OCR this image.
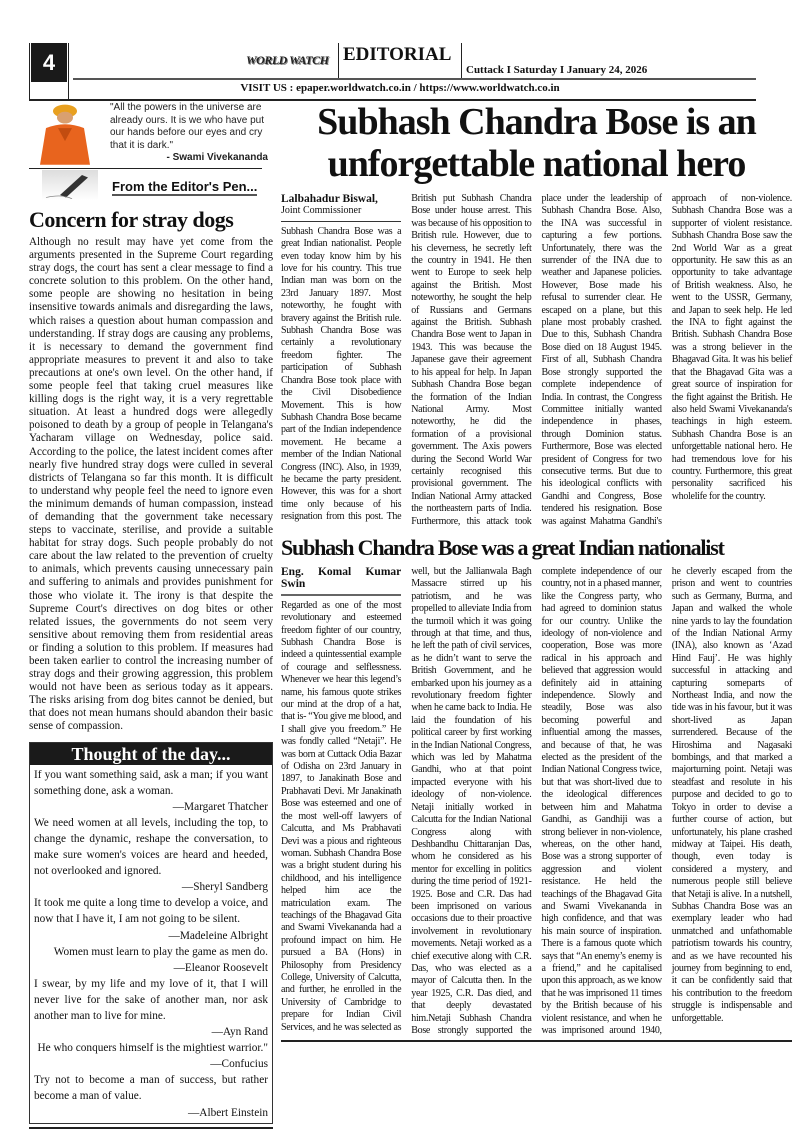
4	WORLD WATCH EDITORIAL
Cuttack I Saturday I January 24, 2026
VISIT US : epaper.worldwatch.co.in / https://www.worldwatch.co.in
"All the powers in the universe are already ours. It is we who have put our hands before our eyes and cry that it is dark."
- Swami Vivekananda
From the Editor's Pen...
Concern for stray dogs
Although no result may have yet come from the arguments presented in the Supreme Court regarding stray dogs, the court has sent a clear message to find a concrete solution to this problem. On the other hand, some people are showing no hesitation in being insensitive towards animals and disregarding the laws, which raises a question about human compassion and understanding. If stray dogs are causing any problems, it is necessary to demand the government find appropriate measures to prevent it and also to take precautions at one's own level. On the other hand, if some people feel that taking cruel measures like killing dogs is the right way, it is a very regrettable situation. At least a hundred dogs were allegedly poisoned to death by a group of people in Telangana's Yacharam village on Wednesday, police said. According to the police, the latest incident comes after nearly five hundred stray dogs were culled in several districts of Telangana so far this month. It is difficult to understand why people feel the need to ignore even the minimum demands of human compassion, instead of demanding that the government take necessary steps to vaccinate, sterilise, and provide a suitable habitat for stray dogs. Such people probably do not care about the law related to the prevention of cruelty to animals, which prevents causing unnecessary pain and suffering to animals and provides punishment for those who violate it. The irony is that despite the Supreme Court's directives on dog bites or other related issues, the governments do not seem very sensitive about removing them from residential areas or finding a solution to this problem. If measures had been taken earlier to control the increasing number of stray dogs and their growing aggression, this problem would not have been as serious today as it appears. The risks arising from dog bites cannot be denied, but that does not mean humans should abandon their basic sense of compassion.
Thought of the day...

If you want something said, ask a man; if you want something done, ask a woman.

—Margaret Thatcher

We need women at all levels, including the top, to change the dynamic, reshape the conversation, to make sure women's voices are heard and heeded, not overlooked and ignored.

—Sheryl Sandberg

It took me quite a long time to develop a voice, and now that I have it, I am not going to be silent.

—Madeleine Albright

Women must learn to play the game as men do.

—Eleanor Roosevelt

I swear, by my life and my love of it, that I will never live for the sake of another man, nor ask another man to live for mine.

—Ayn Rand

He who conquers himself is the mightiest warrior."

—Confucius

Try not to become a man of success, but rather become a man of value.

—Albert Einstein

Subhash Chandra Bose is an unforgettable national hero
Lalbahadur Biswal,
Joint Commissioner

Subhash Chandra Bose was a great Indian nationalist. People even today know him by his love for his country. This true Indian man was born on the 23rd January 1897. Most noteworthy, he fought with bravery against the British rule. Subhash Chandra Bose was certainly a revolutionary freedom fighter. The participation of Subhash Chandra Bose took place with the Civil Disobedience Movement. This is how Subhash Chandra Bose became part of the Indian independence movement. He became a member of the Indian National Congress (INC). Also, in 1939, he became the party president. However, this was for a short time only because of his resignation from this post. The British put Subhash Chandra Bose under house arrest. This was because of his opposition to British rule. However, due to his cleverness, he secretly left the country in 1941. He then went to Europe to seek help against the British. Most noteworthy, he sought the help of Russians and Germans against the British. Subhash Chandra Bose went to Japan in 1943. This was because the Japanese gave their agreement to his appeal for help. In Japan Subhash Chandra Bose began the formation of the Indian National Army. Most noteworthy, he did the formation of a provisional government. The Axis powers during the Second World War certainly recognised this provisional government. The Indian National Army attacked the northeastern parts of India. Furthermore, this attack took place under the leadership of Subhash Chandra Bose. Also, the INA was successful in capturing a few portions. Unfortunately, there was the surrender of the INA due to weather and Japanese policies. However, Bose made his refusal to surrender clear. He escaped on a plane, but this plane most probably crashed. Due to this, Subhash Chandra Bose died on 18 August 1945. First of all, Subhash Chandra Bose strongly supported the complete independence of India. In contrast, the Congress Committee initially wanted independence in phases, through Dominion status. Furthermore, Bose was elected president of Congress for two consecutive terms. But due to his ideological conflicts with Gandhi and Congress, Bose tendered his resignation. Bose was against Mahatma Gandhi's approach of non-violence. Subhash Chandra Bose was a supporter of violent resistance. Subhash Chandra Bose saw the 2nd World War as a great opportunity. He saw this as an opportunity to take advantage of British weakness. Also, he went to the USSR, Germany, and Japan to seek help. He led the INA to fight against the British. Subhash Chandra Bose was a strong believer in the Bhagavad Gita. It was his belief that the Bhagavad Gita was a great source of inspiration for the fight against the British. He also held Swami Vivekananda's teachings in high esteem. Subhash Chandra Bose is an unforgettable national hero. He had tremendous love for his country. Furthermore, this great personality sacrificed his wholelife for the country.

Subhash Chandra Bose was a great Indian nationalist
Eng. Komal Kumar Swin

Regarded as one of the most revolutionary and esteemed freedom fighter of our country, Subhash Chandra Bose is indeed a quintessential example of courage and selflessness. Whenever we hear this legend’s name, his famous quote strikes our mind at the drop of a hat, that is- “You give me blood, and I shall give you freedom.” He was fondly called “Netaji”. He was born at Cuttack Odia Bazar of Odisha on 23rd January in 1897, to Janakinath Bose and Prabhavati Devi. Mr Janakinath Bose was esteemed and one of the most well-off lawyers of Calcutta, and Ms Prabhavati Devi was a pious and righteous woman. Subhash Chandra Bose was a bright student during his childhood, and his intelligence helped him ace the matriculation exam. The teachings of the Bhagavad Gita and Swami Vivekananda had a profound impact on him. He pursued a BA (Hons) in Philosophy from Presidency College, University of Calcutta, and further, he enrolled in the University of Cambridge to prepare for Indian Civil Services, and he was selected as well, but the Jallianwala Bagh Massacre stirred up his patriotism, and he was propelled to alleviate India from the turmoil which it was going through at that time, and thus, he left the path of civil services, as he didn’t want to serve the British Government, and he embarked upon his journey as a revolutionary freedom fighter when he came back to India. He laid the foundation of his political career by first working in the Indian National Congress, which was led by Mahatma Gandhi, who at that point impacted everyone with his ideology of non-violence. Netaji initially worked in Calcutta for the Indian National Congress along with Deshbandhu Chittaranjan Das, whom he considered as his mentor for excelling in politics during the time period of 1921-1925. Bose and C.R. Das had been imprisoned on various occasions due to their proactive involvement in revolutionary movements. Netaji worked as a chief executive along with C.R. Das, who was elected as a mayor of Calcutta then. In the year 1925, C.R. Das died, and that deeply devastated him.Netaji Subhash Chandra Bose strongly supported the complete independence of our country, not in a phased manner, like the Congress party, who had agreed to dominion status for our country. Unlike the ideology of non-violence and cooperation, Bose was more radical in his approach and believed that aggression would definitely aid in attaining independence. Slowly and steadily, Bose was also becoming powerful and influential among the masses, and because of that, he was elected as the president of the Indian National Congress twice, but that was short-lived due to the ideological differences between him and Mahatma Gandhi, as Gandhiji was a strong believer in non-violence, whereas, on the other hand, Bose was a strong supporter of aggression and violent resistance. He held the teachings of the Bhagavad Gita and Swami Vivekananda in high confidence, and that was his main source of inspiration. There is a famous quote which says that “An enemy’s enemy is a friend,” and he capitalised upon this approach, as we know that he was imprisoned 11 times by the British because of his violent resistance, and when he was imprisoned around 1940, he cleverly escaped from the prison and went to countries such as Germany, Burma, and Japan and walked the whole nine yards to lay the foundation of the Indian National Army (INA), also known as ‘Azad Hind Fauj’. He was highly successful in attacking and capturing someparts of Northeast India, and now the tide was in his favour, but it was short-lived as Japan surrendered. Because of the Hiroshima and Nagasaki bombings, and that marked a majorturning point. Netaji was steadfast and resolute in his purpose and decided to go to Tokyo in order to devise a further course of action, but unfortunately, his plane crashed midway at Taipei. His death, though, even today is considered a mystery, and numerous people still believe that Netaji is alive. In a nutshell, Subhas Chandra Bose was an exemplary leader who had unmatched and unfathomable patriotism towards his country, and as we have recounted his journey from beginning to end, it can be confidently said that his contribution to the freedom struggle is indispensable and unforgettable.
